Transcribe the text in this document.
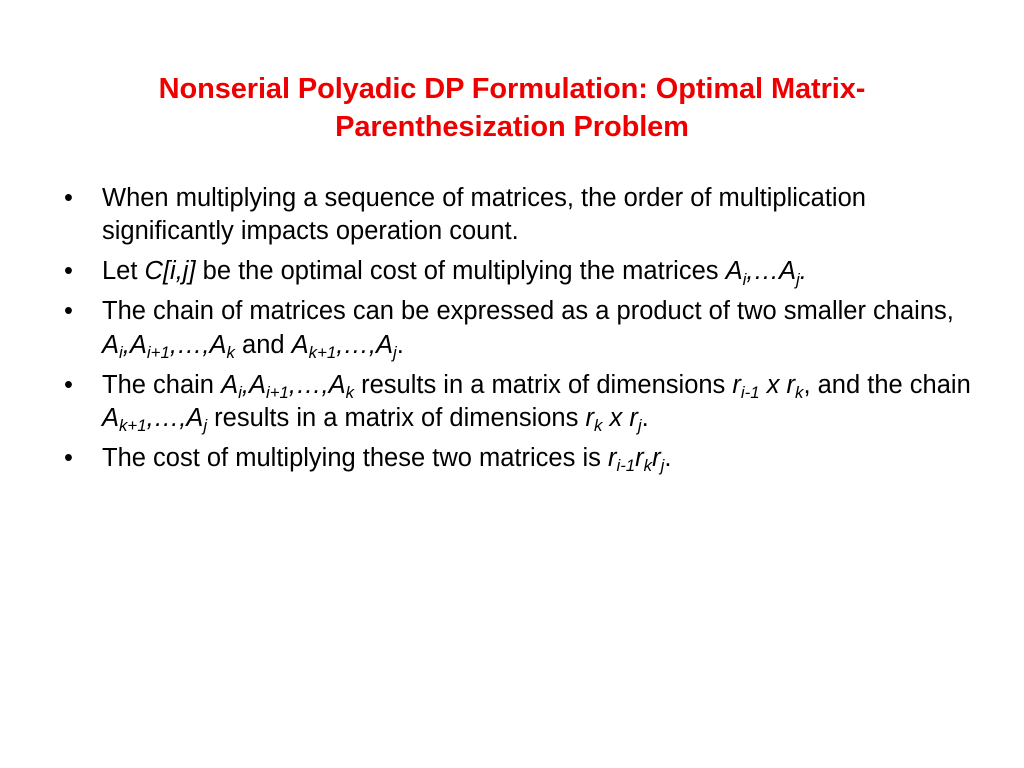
Nonserial Polyadic DP Formulation: Optimal Matrix-Parenthesization Problem
• When multiplying a sequence of matrices, the order of multiplication significantly impacts operation count.
• Let C[i,j] be the optimal cost of multiplying the matrices $A_i,\dots A_j$.
• The chain of matrices can be expressed as a product of two smaller chains, $A_i,A_{i+1},\dots,A_k$ and $A_{k+1},\dots,A_j$.
• The chain $A_i,A_{i+1},\dots,A_k$ results in a matrix of dimensions $r_{i-1}$ x $r_k$, and the chain $A_{k+1},\dots,A_j$ results in a matrix of dimensions $r_k$ x $r_j$.
• The cost of multiplying these two matrices is $r_{i-1}r_kr_j$.
